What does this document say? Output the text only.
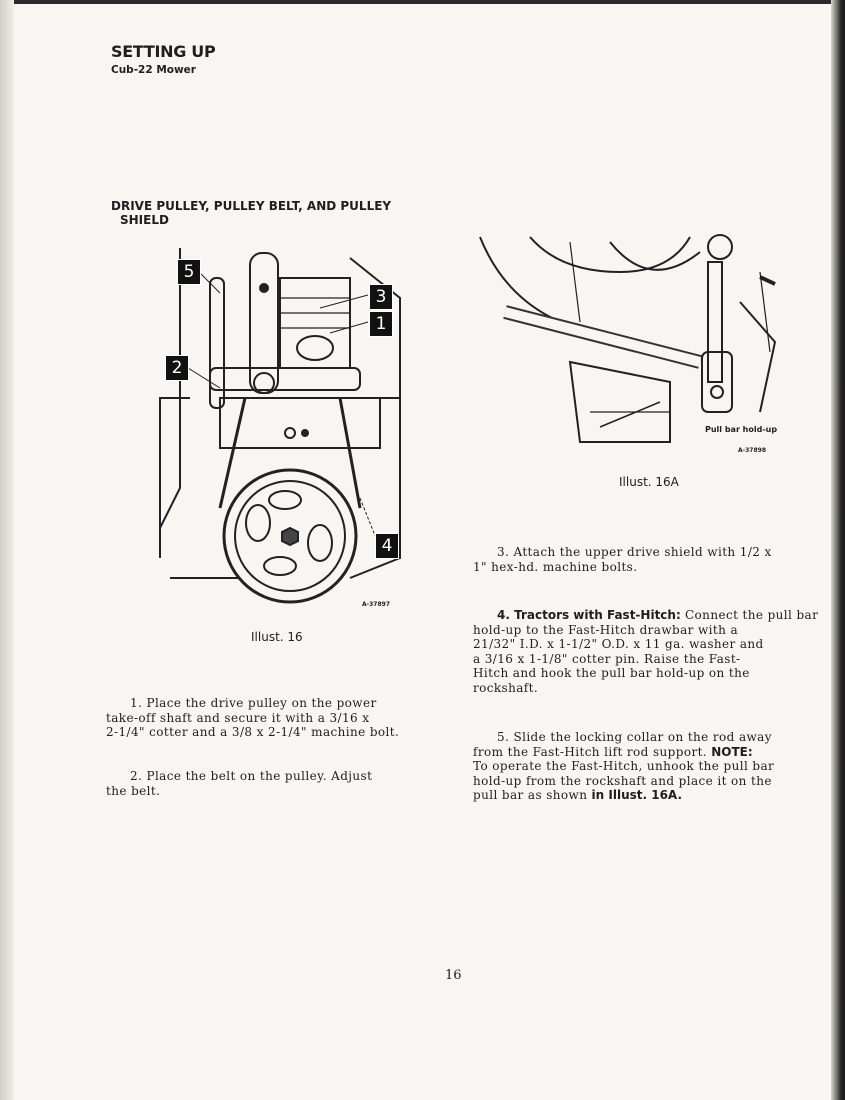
SETTING UP
Cub-22 Mower
DRIVE PULLEY, PULLEY BELT, AND PULLEY
SHIELD
5
3
1
2
4
A-37897
Illust. 16
Pull bar hold-up
A-37898
Illust. 16A
1. Place the drive pulley on the power
take-off shaft and secure it with a 3/16 x
2-1/4" cotter and a 3/8 x 2-1/4" machine bolt.
2. Place the belt on the pulley. Adjust
the belt.
3. Attach the upper drive shield with 1/2 x
1" hex-hd. machine bolts.
4. Tractors with Fast-Hitch: Connect the pull bar
hold-up to the Fast-Hitch drawbar with a
21/32" I.D. x 1-1/2" O.D. x 11 ga. washer and
a 3/16 x 1-1/8" cotter pin. Raise the Fast-
Hitch and hook the pull bar hold-up on the
rockshaft.
5. Slide the locking collar on the rod away
from the Fast-Hitch lift rod support. NOTE:
To operate the Fast-Hitch, unhook the pull bar
hold-up from the rockshaft and place it on the
pull bar as shown in Illust. 16A.
16
